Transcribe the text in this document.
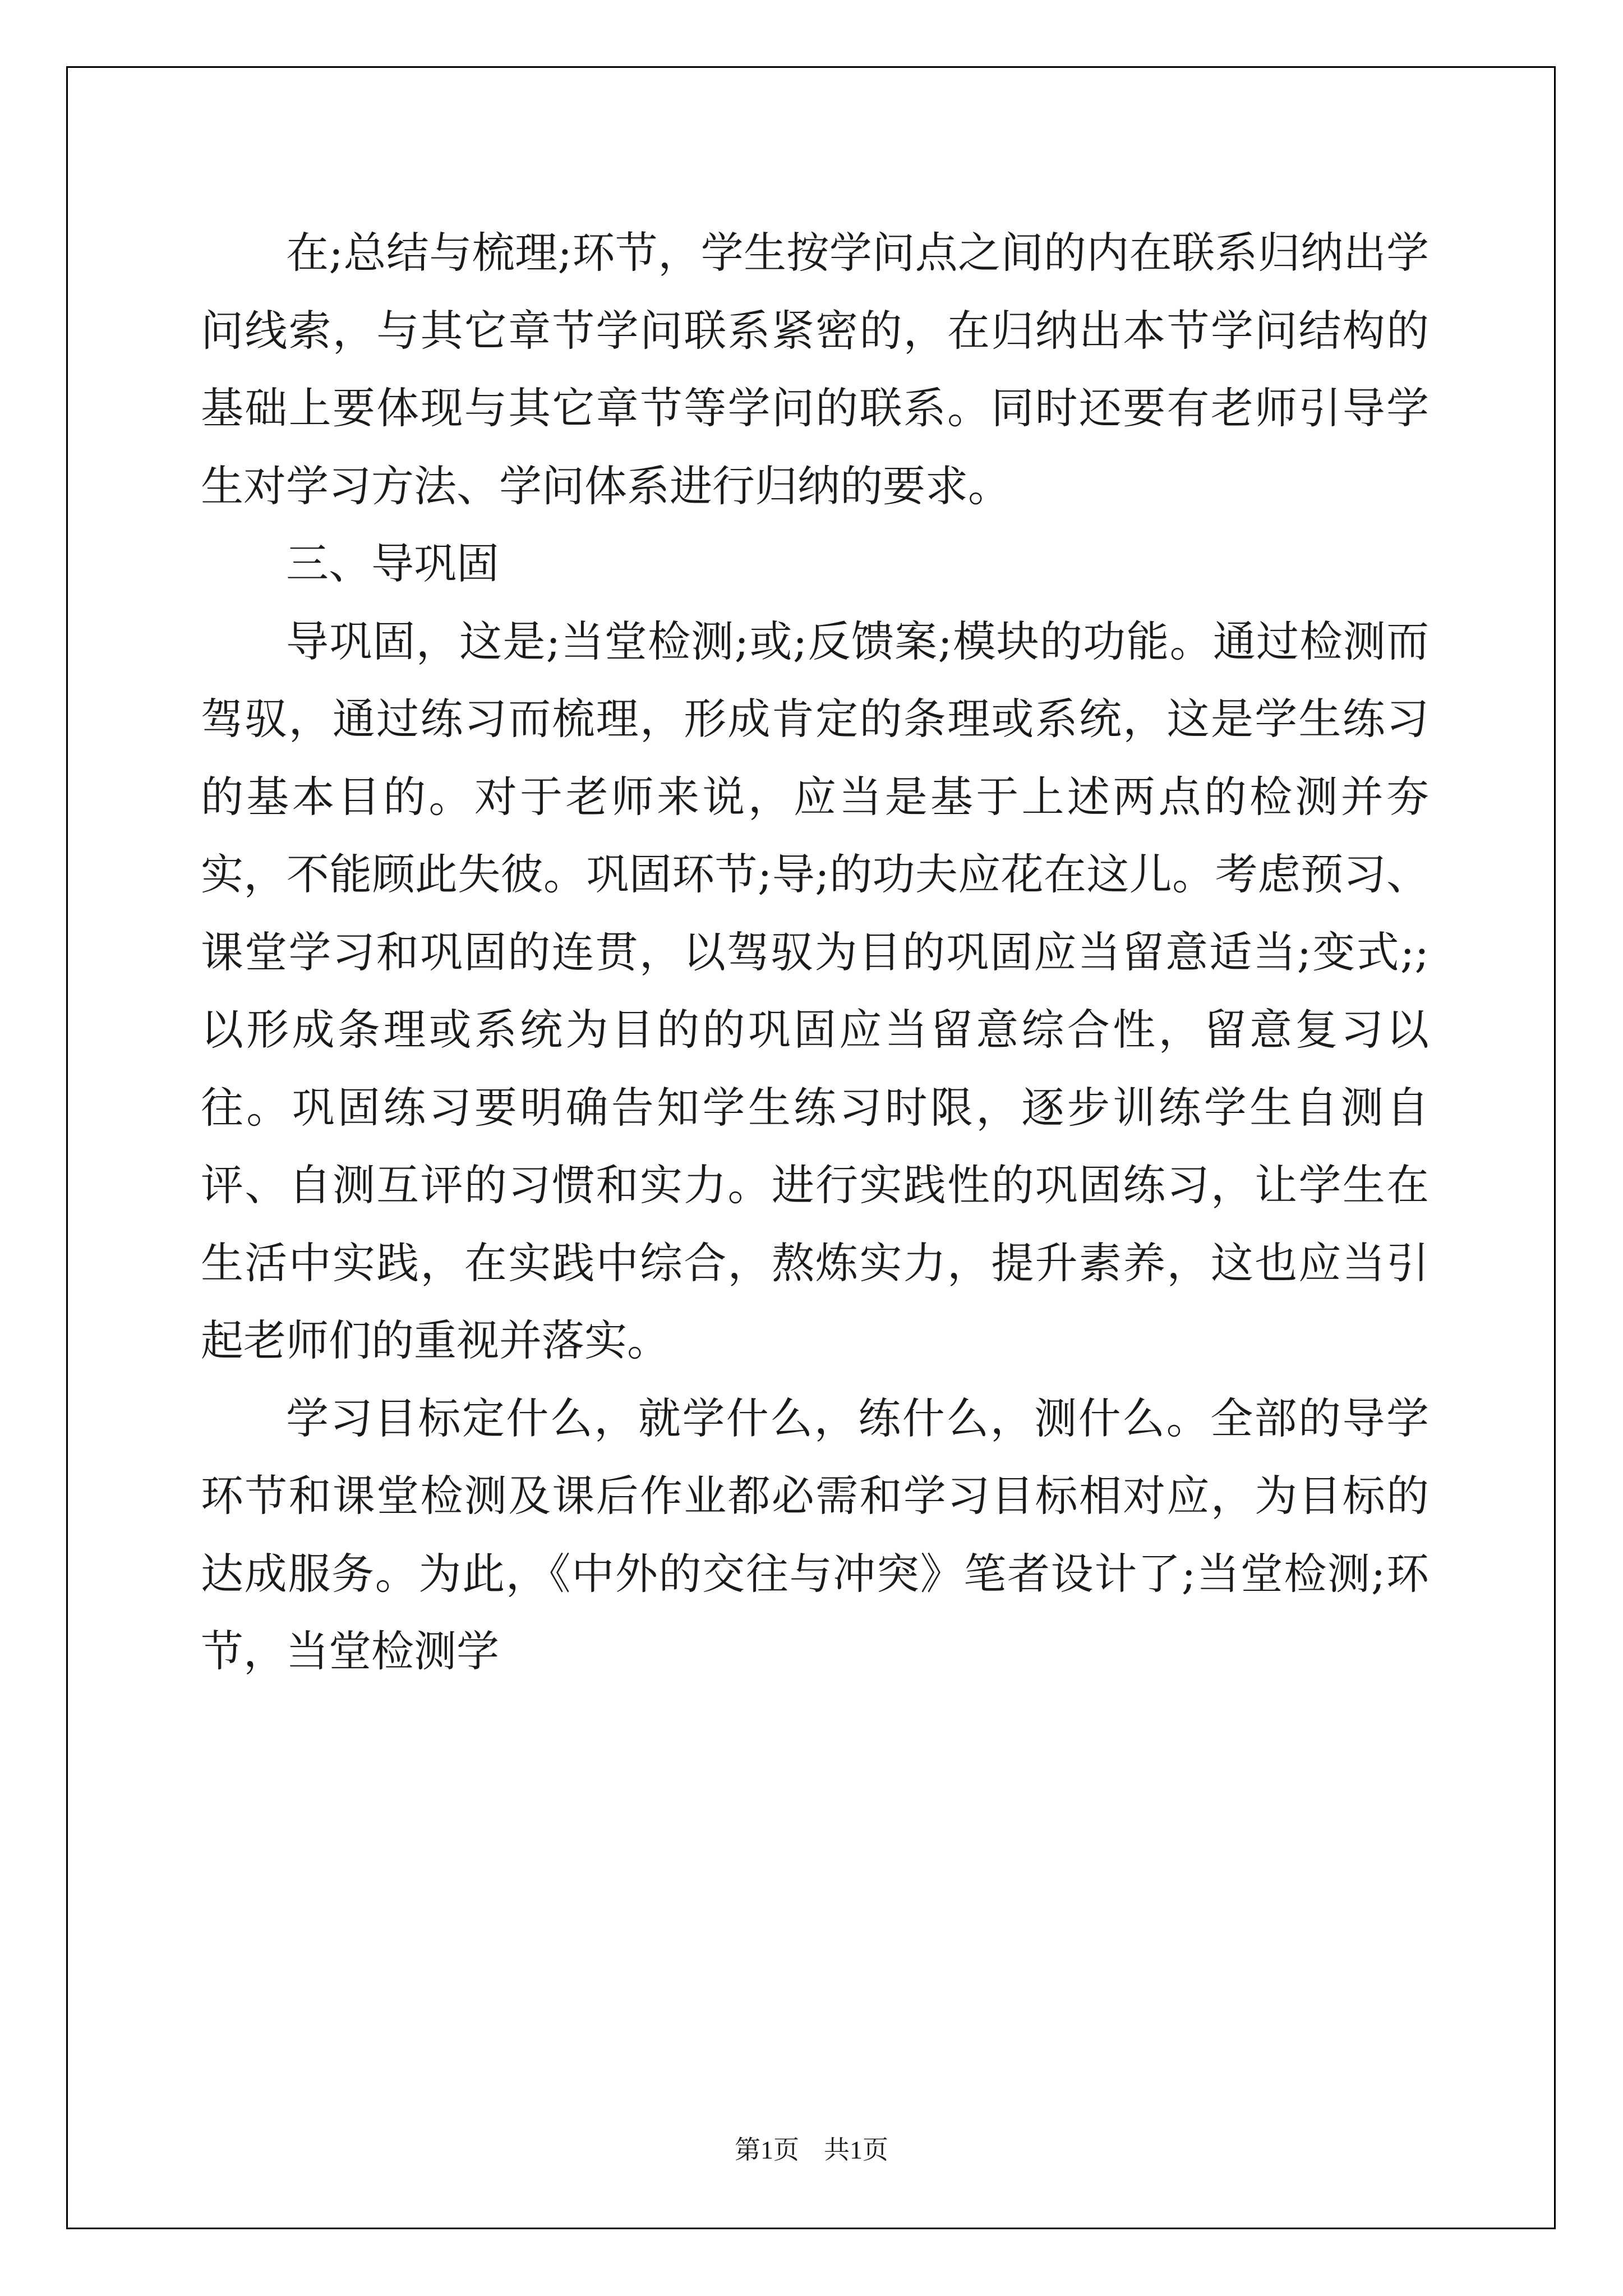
在;总结与梳理;环节，学生按学问点之间的内在联系归纳出学问线索，与其它章节学问联系紧密的，在归纳出本节学问结构的基础上要体现与其它章节等学问的联系。同时还要有老师引导学生对学习方法、学问体系进行归纳的要求。

三、导巩固

导巩固，这是;当堂检测;或;反馈案;模块的功能。通过检测而驾驭，通过练习而梳理，形成肯定的条理或系统，这是学生练习的基本目的。对于老师来说，应当是基于上述两点的检测并夯实，不能顾此失彼。巩固环节;导;的功夫应花在这儿。考虑预习、课堂学习和巩固的连贯，以驾驭为目的巩固应当留意适当;变式;;以形成条理或系统为目的的巩固应当留意综合性，留意复习以往。巩固练习要明确告知学生练习时限，逐步训练学生自测自评、自测互评的习惯和实力。进行实践性的巩固练习，让学生在生活中实践，在实践中综合，熬炼实力，提升素养，这也应当引起老师们的重视并落实。

学习目标定什么，就学什么，练什么，测什么。全部的导学环节和课堂检测及课后作业都必需和学习目标相对应，为目标的达成服务。为此，《中外的交往与冲突》笔者设计了;当堂检测;环节，当堂检测学

第1页 共1页
